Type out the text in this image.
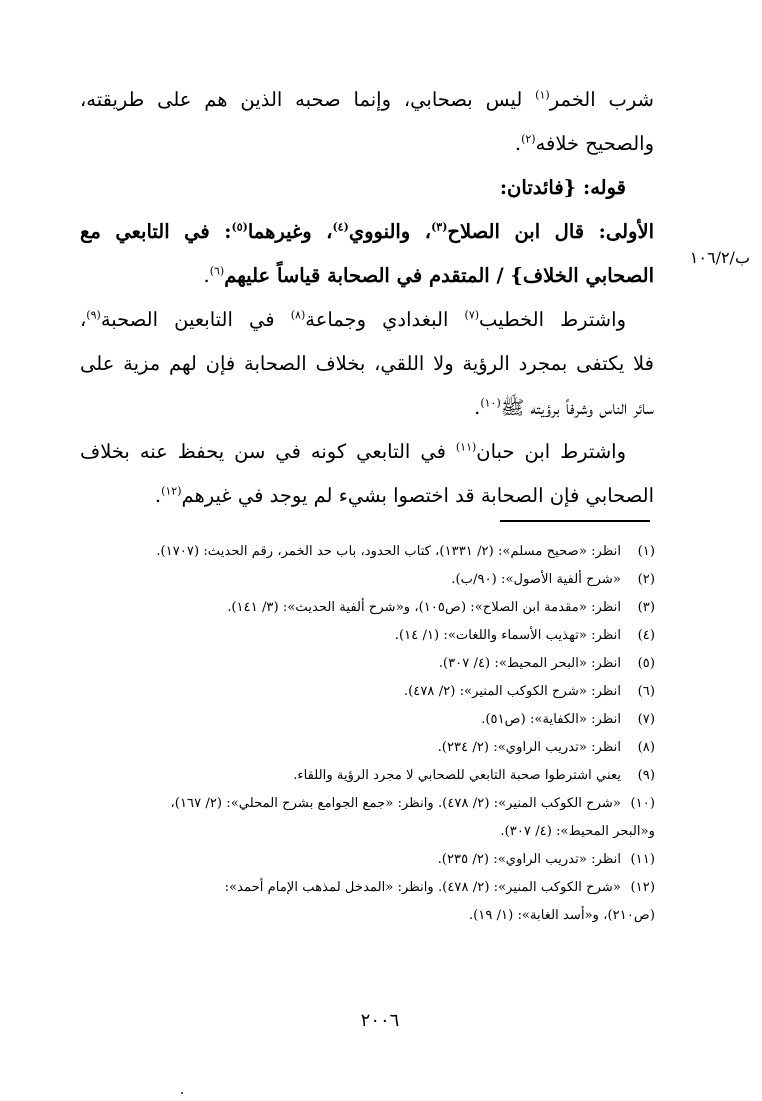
شرب الخمر$^{(١)}$ ليس بصحابي، وإنما صحبه الذين هم على طريقته،
والصحيح خلافه$^{(٢)}$.
قوله: {فائدتان:
الأولى: قال ابن الصلاح$^{(٣)}$، والنووي$^{(٤)}$، وغيرهما$^{(٥)}$: في التابعي مع
الصحابي الخلاف} / المتقدم في الصحابة قياساً عليهم$^{(٦)}$.
واشترط الخطيب$^{(٧)}$ البغدادي وجماعة$^{(٨)}$ في التابعين الصحبة$^{(٩)}$،
فلا يكتفى بمجرد الرؤية ولا اللقي، بخلاف الصحابة فإن لهم مزية على
سائر الناس وشرفاً برؤيته ﷺ$^{(١٠)}$.
واشترط ابن حبان$^{(١١)}$ في التابعي كونه في سن يحفظ عنه بخلاف
الصحابي فإن الصحابة قد اختصوا بشيء لم يوجد في غيرهم$^{(١٢)}$.
ب/١٠٦/٢
(١)
انظر: «صحيح مسلم»: (٢/ ١٣٣١)، كتاب الحدود، باب حد الخمر، رقم الحديث: (١٧٠٧).
(٢)
«شرح ألفية الأصول»: (٩٠/ب).
(٣)
انظر: «مقدمة ابن الصلاح»: (ص١٠٥)، و«شرح ألفية الحديث»: (٣/ ١٤١).
(٤)
انظر: «تهذيب الأسماء واللغات»: (١/ ١٤).
(٥)
انظر: «البحر المحيط»: (٤/ ٣٠٧).
(٦)
انظر: «شرح الكوكب المنير»: (٢/ ٤٧٨).
(٧)
انظر: «الكفاية»: (ص٥١).
(٨)
انظر: «تدريب الراوي»: (٢/ ٢٣٤).
(٩)
يعني اشترطوا صحبة التابعي للصحابي لا مجرد الرؤية واللقاء.
(١٠)
«شرح الكوكب المنير»: (٢/ ٤٧٨). وانظر: «جمع الجوامع بشرح المحلي»: (٢/ ١٦٧)،
و«البحر المحيط»: (٤/ ٣٠٧).
(١١)
انظر: «تدريب الراوي»: (٢/ ٢٣٥).
(١٢)
«شرح الكوكب المنير»: (٢/ ٤٧٨). وانظر: «المدخل لمذهب الإمام أحمد»:
(ص٢١٠)، و«أسد الغابة»: (١/ ١٩).
٢٠٠٦
